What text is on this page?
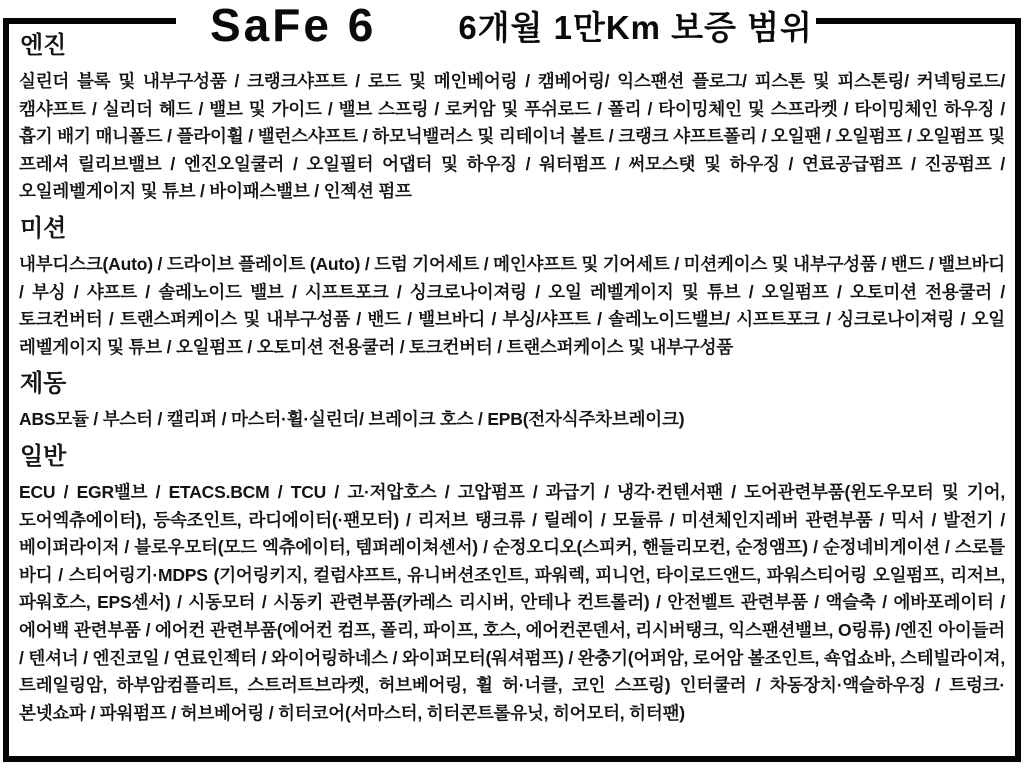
엔진

실린더 블록 및 내부구성품 / 크랭크샤프트 / 로드 및 메인베어링 / 캠베어링/ 익스팬션 플로그/ 피스톤 및 피스톤링/ 커넥팅로드/ 캠샤프트 / 실리더 헤드 / 밸브 및 가이드 / 밸브 스프링 / 로커암 및 푸쉬로드 / 폴리 / 타이밍체인 및 스프라켓 / 타이밍체인 하우징 / 흡기 배기 매니폴드 / 플라이휠 / 밸런스샤프트 / 하모닉밸러스 및 리테이너 볼트 / 크랭크 샤프트폴리 / 오일팬 / 오일펌프 / 오일펌프 및 프레셔 릴리브밸브 / 엔진오일쿨러 / 오일필터 어댑터 및 하우징 / 워터펌프 / 써모스탯 및 하우징 / 연료공급펌프 / 진공펌프 / 오일레벨게이지 및 튜브 / 바이패스밸브 / 인젝션 펌프

미션

내부디스크(Auto) / 드라이브 플레이트 (Auto) / 드럼 기어세트 / 메인샤프트 및 기어세트 / 미션케이스 및 내부구성품 / 밴드 / 밸브바디 / 부싱 / 샤프트 / 솔레노이드 밸브 / 시프트포크 / 싱크로나이져링 / 오일 레벨게이지 및 튜브 / 오일펌프 / 오토미션 전용쿨러 / 토크컨버터 / 트랜스퍼케이스 및 내부구성품 / 밴드 / 밸브바디 / 부싱/샤프트 / 솔레노이드밸브/ 시프트포크 / 싱크로나이져링 / 오일 레벨게이지 및 튜브 / 오일펌프 / 오토미션 전용쿨러 / 토크컨버터 / 트랜스퍼케이스 및 내부구성품

제동

ABS모듈 / 부스터 / 캘리퍼 / 마스터·휠·실린더/ 브레이크 호스 / EPB(전자식주차브레이크)

일반

ECU / EGR밸브 / ETACS.BCM / TCU / 고·저압호스 / 고압펌프 / 과급기 / 냉각·컨텐서팬 / 도어관련부품(윈도우모터 및 기어, 도어엑츄에이터), 등속조인트, 라디에이터(·팬모터) / 리저브 탱크류 / 릴레이 / 모듈류 / 미션체인지레버 관련부품 / 믹서 / 발전기 / 베이퍼라이저 / 블로우모터(모드 엑츄에이터, 템퍼레이쳐센서) / 순정오디오(스피커, 핸들리모컨, 순정앰프) / 순정네비게이션 / 스로틀 바디 / 스티어링기·MDPS (기어링키지, 컬럼샤프트, 유니버션조인트, 파워렉, 피니언, 타이로드앤드, 파워스티어링 오일펌프, 리저브, 파워호스, EPS센서) / 시동모터 / 시동키 관련부품(카레스 리시버, 안테나 컨트롤러) / 안전벨트 관련부품 / 액슬축 / 에바포레이터 / 에어백 관련부품 / 에어컨 관련부품(에어컨 컴프, 폴리, 파이프, 호스, 에어컨콘덴서, 리시버탱크, 익스팬션밸브, O링류) /엔진 아이들러 / 텐셔너 / 엔진코일 / 연료인젝터 / 와이어링하네스 / 와이퍼모터(워셔펌프) / 완충기(어퍼암, 로어암 볼조인트, 쇽업쇼바, 스테빌라이져, 트레일링암, 하부암컴플리트, 스트러트브라켓, 허브베어링, 휠 허·너클, 코인 스프링) 인터쿨러 / 차동장치·액슬하우징 / 트렁크·본넷쇼파 / 파워펌프 / 허브베어링 / 히터코어(서마스터, 히터콘트롤유닛, 히어모터, 히터팬)

SaFe 6 6개월 1만Km 보증 범위
